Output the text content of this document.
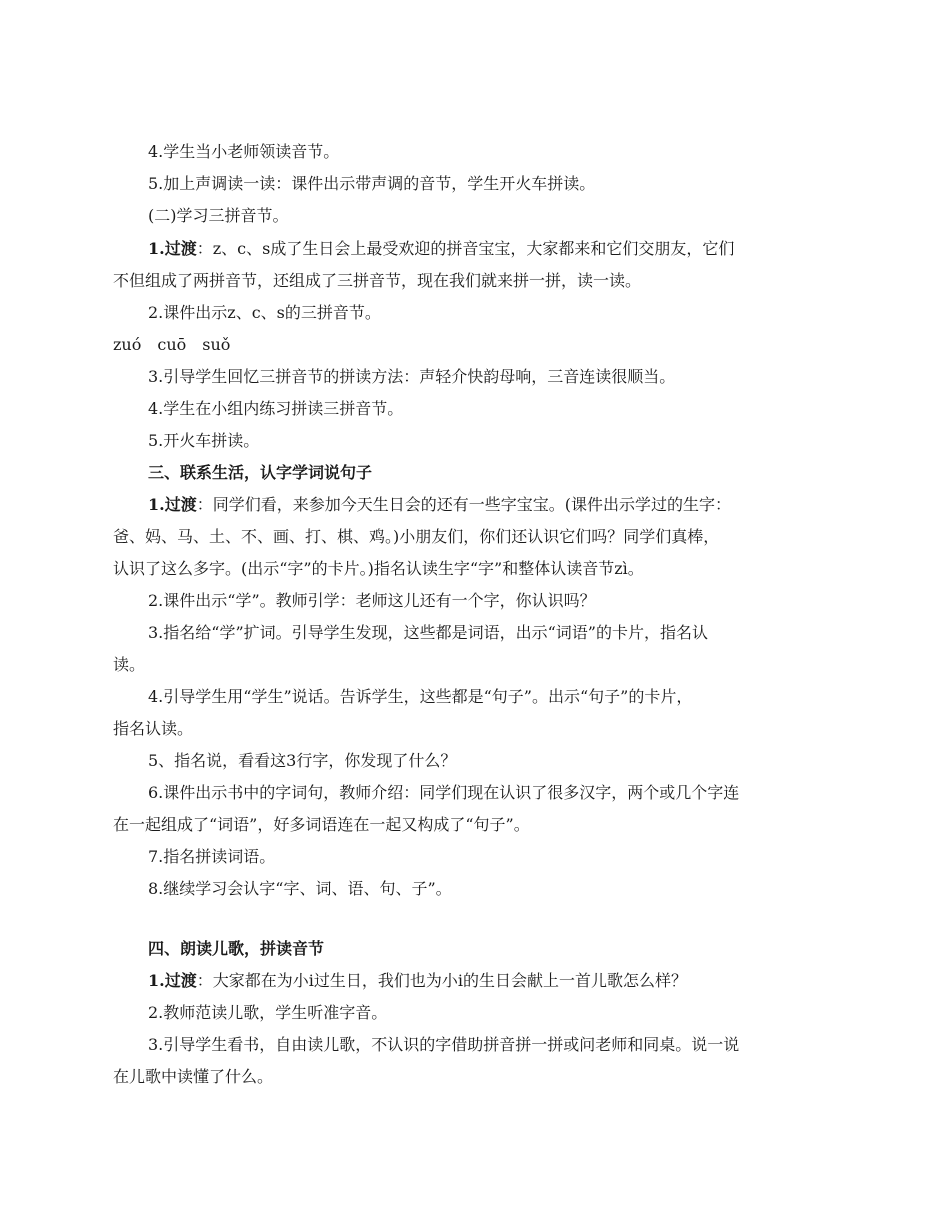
4.学生当小老师领读音节。
5.加上声调读一读：课件出示带声调的音节，学生开火车拼读。
(二)学习三拼音节。
1.过渡：z、c、s成了生日会上最受欢迎的拼音宝宝，大家都来和它们交朋友，它们
不但组成了两拼音节，还组成了三拼音节，现在我们就来拼一拼，读一读。
2.课件出示z、c、s的三拼音节。
zuó　cuō　suǒ
3.引导学生回忆三拼音节的拼读方法：声轻介快韵母响，三音连读很顺当。
4.学生在小组内练习拼读三拼音节。
5.开火车拼读。
三、联系生活，认字学词说句子
1.过渡：同学们看，来参加今天生日会的还有一些字宝宝。(课件出示学过的生字：
爸、妈、马、土、不、画、打、棋、鸡。)小朋友们，你们还认识它们吗？同学们真棒，
认识了这么多字。(出示“字”的卡片。)指名认读生字“字”和整体认读音节zì。
2.课件出示“学”。教师引学：老师这儿还有一个字，你认识吗？
3.指名给“学”扩词。引导学生发现，这些都是词语，出示“词语”的卡片，指名认
读。
4.引导学生用“学生”说话。告诉学生，这些都是“句子”。出示“句子”的卡片，
指名认读。
5、指名说，看看这3行字，你发现了什么？
6.课件出示书中的字词句，教师介绍：同学们现在认识了很多汉字，两个或几个字连
在一起组成了“词语”，好多词语连在一起又构成了“句子”。
7.指名拼读词语。
8.继续学习会认字“字、词、语、句、子”。
四、朗读儿歌，拼读音节
1.过渡：大家都在为小i过生日，我们也为小i的生日会献上一首儿歌怎么样？
2.教师范读儿歌，学生听准字音。
3.引导学生看书，自由读儿歌，不认识的字借助拼音拼一拼或问老师和同桌。说一说
在儿歌中读懂了什么。
